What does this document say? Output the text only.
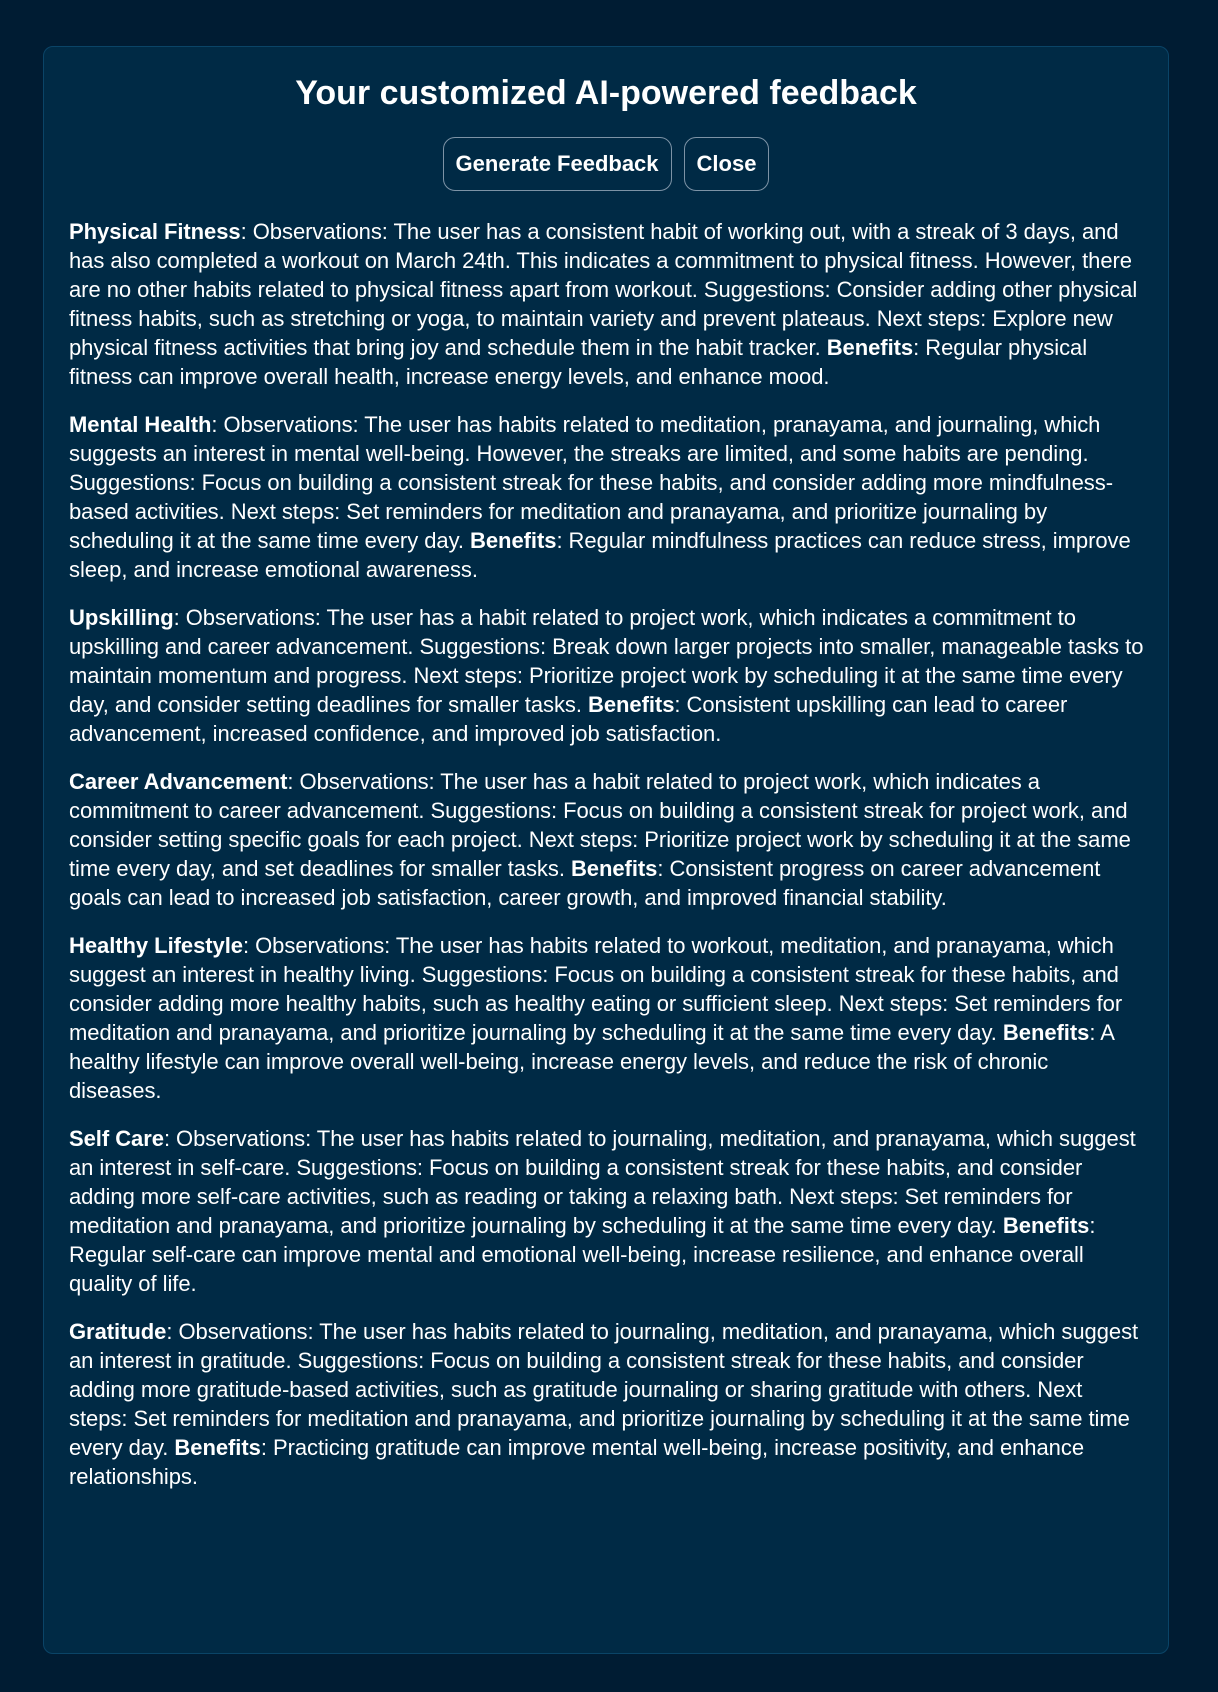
Your customized AI-powered feedback
Generate Feedback	Close

Physical Fitness: Observations: The user has a consistent habit of working out, with a streak of 3 days, and has also completed a workout on March 24th. This indicates a commitment to physical fitness. However, there are no other habits related to physical fitness apart from workout. Suggestions: Consider adding other physical fitness habits, such as stretching or yoga, to maintain variety and prevent plateaus. Next steps: Explore new physical fitness activities that bring joy and schedule them in the habit tracker. Benefits: Regular physical fitness can improve overall health, increase energy levels, and enhance mood.

Mental Health: Observations: The user has habits related to meditation, pranayama, and journaling, which suggests an interest in mental well-being. However, the streaks are limited, and some habits are pending. Suggestions: Focus on building a consistent streak for these habits, and consider adding more mindfulness-based activities. Next steps: Set reminders for meditation and pranayama, and prioritize journaling by scheduling it at the same time every day. Benefits: Regular mindfulness practices can reduce stress, improve sleep, and increase emotional awareness.

Upskilling: Observations: The user has a habit related to project work, which indicates a commitment to upskilling and career advancement. Suggestions: Break down larger projects into smaller, manageable tasks to maintain momentum and progress. Next steps: Prioritize project work by scheduling it at the same time every day, and consider setting deadlines for smaller tasks. Benefits: Consistent upskilling can lead to career advancement, increased confidence, and improved job satisfaction.

Career Advancement: Observations: The user has a habit related to project work, which indicates a commitment to career advancement. Suggestions: Focus on building a consistent streak for project work, and consider setting specific goals for each project. Next steps: Prioritize project work by scheduling it at the same time every day, and set deadlines for smaller tasks. Benefits: Consistent progress on career advancement goals can lead to increased job satisfaction, career growth, and improved financial stability.

Healthy Lifestyle: Observations: The user has habits related to workout, meditation, and pranayama, which suggest an interest in healthy living. Suggestions: Focus on building a consistent streak for these habits, and consider adding more healthy habits, such as healthy eating or sufficient sleep. Next steps: Set reminders for meditation and pranayama, and prioritize journaling by scheduling it at the same time every day. Benefits: A healthy lifestyle can improve overall well-being, increase energy levels, and reduce the risk of chronic diseases.

Self Care: Observations: The user has habits related to journaling, meditation, and pranayama, which suggest an interest in self-care. Suggestions: Focus on building a consistent streak for these habits, and consider adding more self-care activities, such as reading or taking a relaxing bath. Next steps: Set reminders for meditation and pranayama, and prioritize journaling by scheduling it at the same time every day. Benefits: Regular self-care can improve mental and emotional well-being, increase resilience, and enhance overall quality of life.

Gratitude: Observations: The user has habits related to journaling, meditation, and pranayama, which suggest an interest in gratitude. Suggestions: Focus on building a consistent streak for these habits, and consider adding more gratitude-based activities, such as gratitude journaling or sharing gratitude with others. Next steps: Set reminders for meditation and pranayama, and prioritize journaling by scheduling it at the same time every day. Benefits: Practicing gratitude can improve mental well-being, increase positivity, and enhance relationships.
